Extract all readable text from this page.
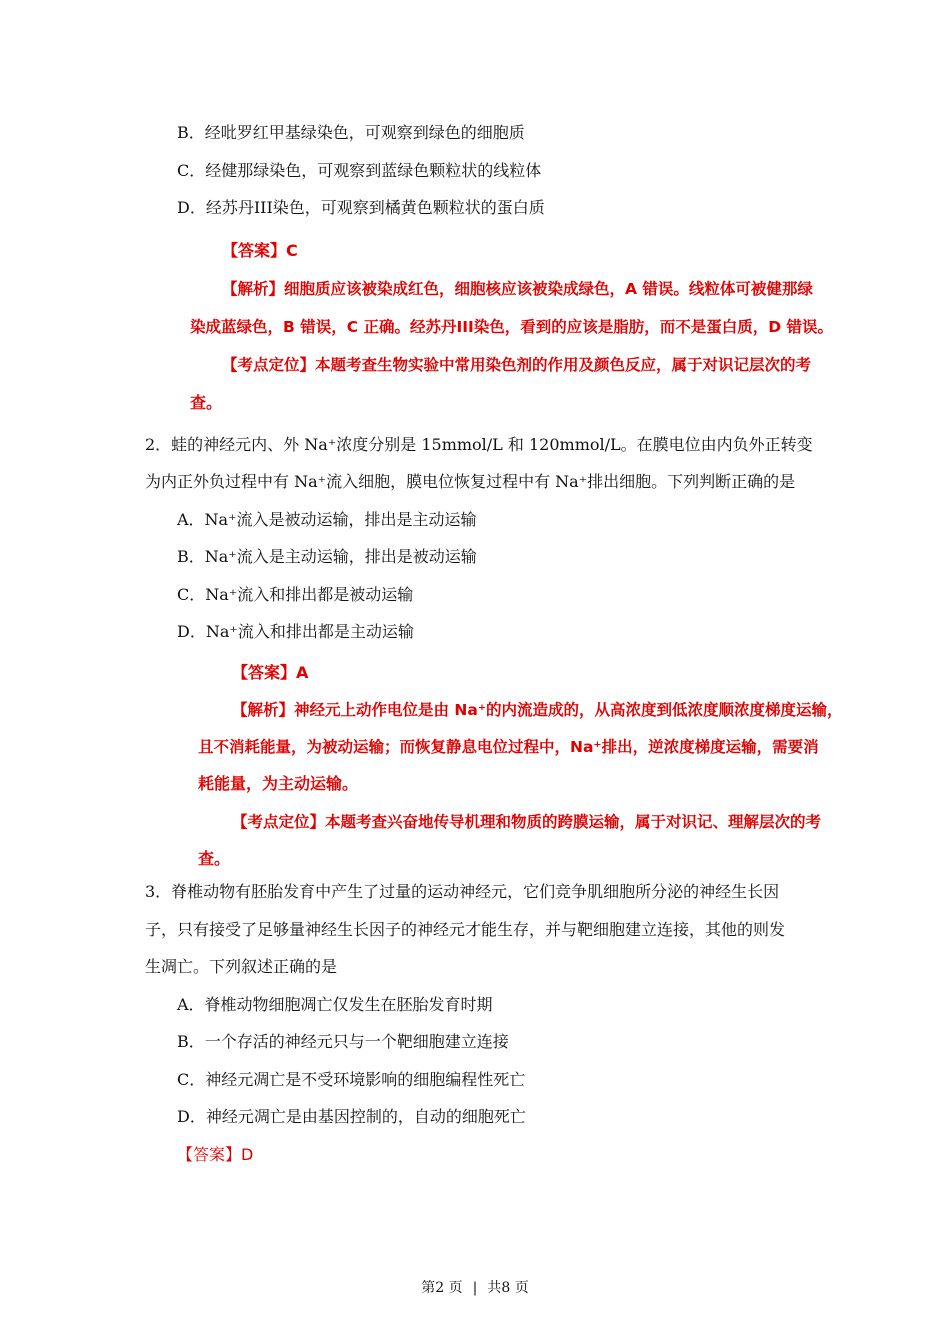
B．经吡罗红甲基绿染色，可观察到绿色的细胞质
C．经健那绿染色，可观察到蓝绿色颗粒状的线粒体
D．经苏丹III染色，可观察到橘黄色颗粒状的蛋白质
【答案】C
【解析】细胞质应该被染成红色，细胞核应该被染成绿色，A 错误。线粒体可被健那绿
染成蓝绿色，B 错误，C 正确。经苏丹III染色，看到的应该是脂肪，而不是蛋白质，D 错误。
【考点定位】本题考查生物实验中常用染色剂的作用及颜色反应，属于对识记层次的考
查。
2．蛙的神经元内、外 Na⁺浓度分别是 15mmol/L 和 120mmol/L。在膜电位由内负外正转变
为内正外负过程中有 Na⁺流入细胞，膜电位恢复过程中有 Na⁺排出细胞。下列判断正确的是
A．Na⁺流入是被动运输，排出是主动运输
B．Na⁺流入是主动运输，排出是被动运输
C．Na⁺流入和排出都是被动运输
D．Na⁺流入和排出都是主动运输
【答案】A
【解析】神经元上动作电位是由 Na⁺的内流造成的，从高浓度到低浓度顺浓度梯度运输，
且不消耗能量，为被动运输；而恢复静息电位过程中，Na⁺排出，逆浓度梯度运输，需要消
耗能量，为主动运输。
【考点定位】本题考查兴奋地传导机理和物质的跨膜运输，属于对识记、理解层次的考
查。
3．脊椎动物有胚胎发育中产生了过量的运动神经元，它们竞争肌细胞所分泌的神经生长因
子，只有接受了足够量神经生长因子的神经元才能生存，并与靶细胞建立连接，其他的则发
生凋亡。下列叙述正确的是
A．脊椎动物细胞凋亡仅发生在胚胎发育时期
B．一个存活的神经元只与一个靶细胞建立连接
C．神经元凋亡是不受环境影响的细胞编程性死亡
D．神经元凋亡是由基因控制的，自动的细胞死亡
【答案】D
第2 页 | 共8 页
